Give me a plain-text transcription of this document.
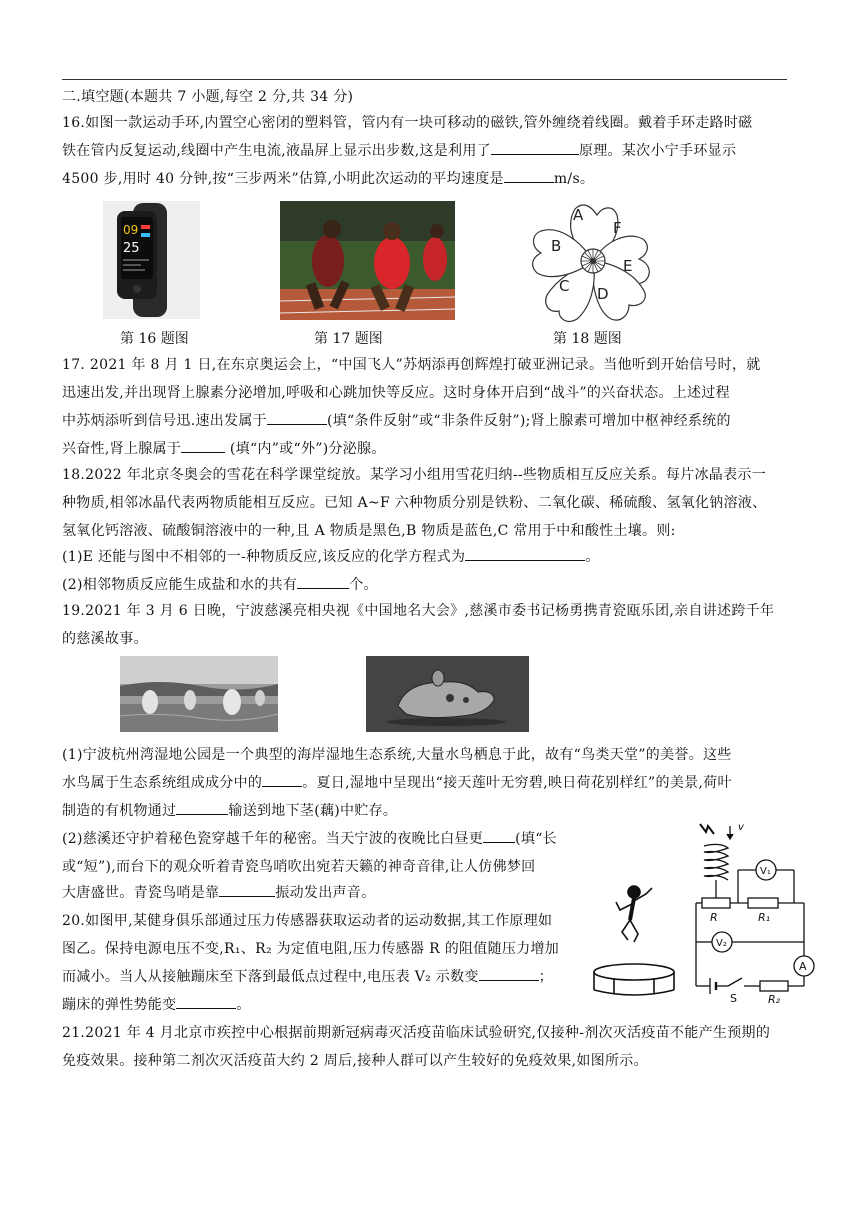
二.填空题(本题共 7 小题,每空 2 分,共 34 分)
16.如图一款运动手环,内置空心密闭的塑料管，管内有一块可移动的磁铁,管外缠绕着线圈。戴着手环走路时磁
铁在管内反复运动,线圈中产生电流,液晶屏上显示出步数,这是利用了	原理。某次小宁手环显示
4500 步,用时 40 分钟,按“三步两米”估算,小明此次运动的平均速度是	m/s。
09
25
A
F
B
E
C D
第 16 题图	第 17 题图	第 18 题图
17. 2021 年 8 月 1 日,在东京奥运会上，“中国飞人”苏炳添再创辉煌打破亚洲记录。当他听到开始信号时，就
迅速出发,并出现肾上腺素分泌增加,呼吸和心跳加快等反应。这时身体开启到“战斗”的兴奋状态。上述过程
中苏炳添听到信号迅.速出发属于	(填“条件反射”或“非条件反射”);肾上腺素可增加中枢神经系统的
兴奋性,肾上腺属于	(填“内”或“外”)分泌腺。
18.2022 年北京冬奥会的雪花在科学课堂绽放。某学习小组用雪花归纳--些物质相互反应关系。每片冰晶表示一
种物质,相邻冰晶代表两物质能相互反应。已知 A~F 六种物质分别是铁粉、二氧化碳、稀硫酸、氢氧化钠溶液、
氢氧化钙溶液、硫酸铜溶液中的一种,且 A 物质是黑色,B 物质是蓝色,C 常用于中和酸性土壤。则:
(1)E 还能与图中不相邻的一-种物质反应,该反应的化学方程式为	。
(2)相邻物质反应能生成盐和水的共有	个。
19.2021 年 3 月 6 日晚，宁波慈溪亮相央视《中国地名大会》,慈溪市委书记杨勇携青瓷瓯乐团,亲自讲述跨千年
的慈溪故事。
(1)宁波杭州湾湿地公园是一个典型的海岸湿地生态系统,大量水鸟栖息于此，故有“鸟类天堂”的美誉。这些
水鸟属于生态系统组成成分中的	。夏日,湿地中呈现出“接天莲叶无穷碧,映日荷花别样红”的美景,荷叶
制造的有机物通过	输送到地下茎(藕)中贮存。
(2)慈溪还守护着秘色瓷穿越千年的秘密。当天宁波的夜晚比白昼更 (填“长
或“短”),而台下的观众听着青瓷鸟哨吹出宛若天籁的神奇音律,让人仿佛梦回
大唐盛世。青瓷鸟哨是靠	振动发出声音。
20.如图甲,某健身俱乐部通过压力传感器获取运动者的运动数据,其工作原理如
图乙。保持电源电压不变,R₁、R₂ 为定值电阻,压力传感器 R 的阻值随压力增加
而减小。当人从接触蹦床至下落到最低点过程中,电压表 V₂ 示数变	；
蹦床的弹性势能变	。
v
V₁
R	R₁
V₂
A
S	R₂
21.2021 年 4 月北京市疾控中心根据前期新冠病毒灭活疫苗临床试验研究,仅接种-剂次灭活疫苗不能产生预期的
免疫效果。接种第二剂次灭活疫苗大约 2 周后,接种人群可以产生较好的免疫效果,如图所示。
